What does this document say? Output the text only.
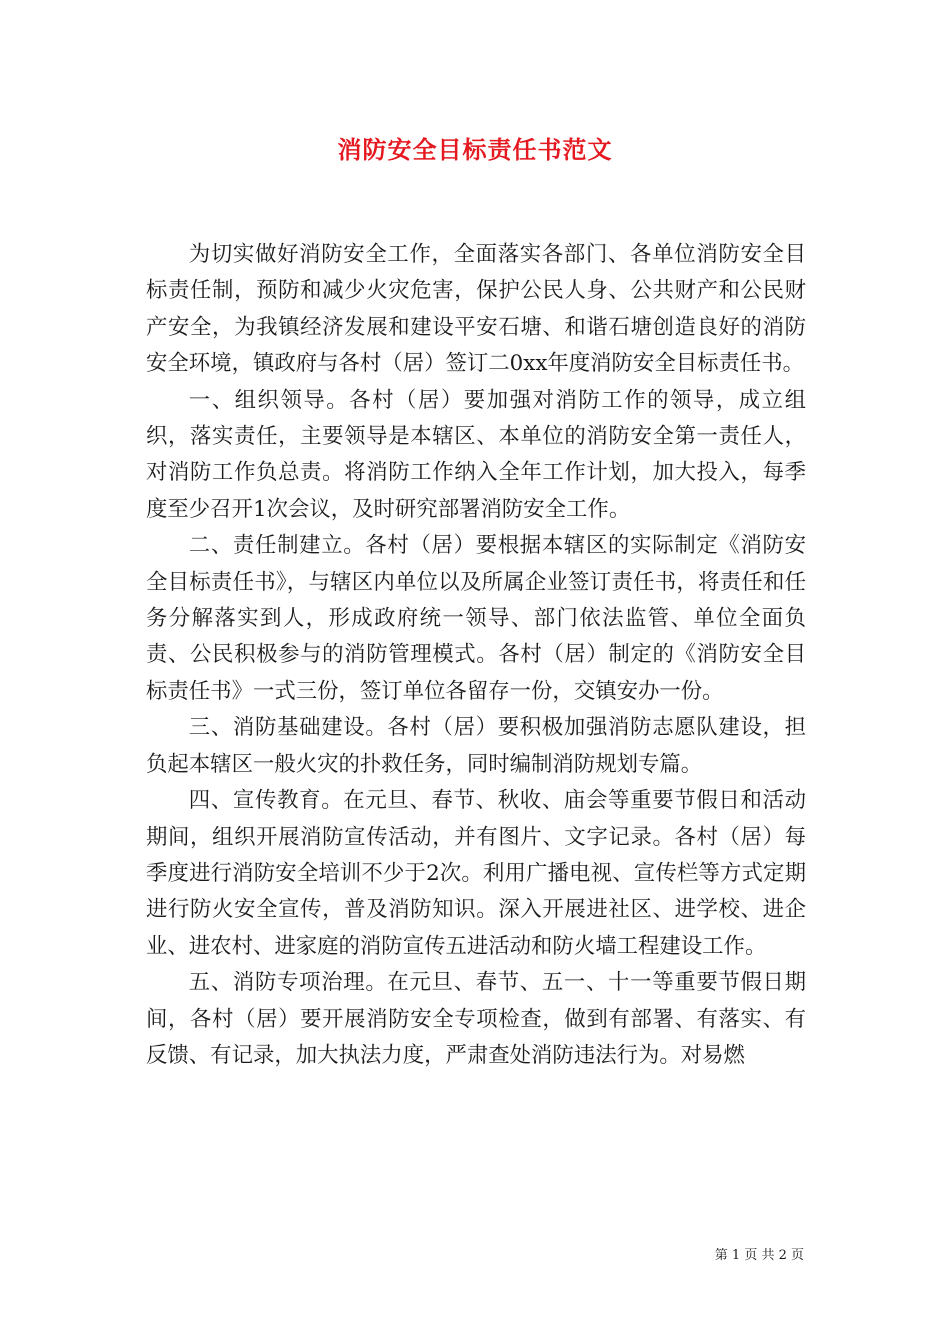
消防安全目标责任书范文

为切实做好消防安全工作，全面落实各部门、各单位消防安全目标责任制，预防和减少火灾危害，保护公民人身、公共财产和公民财产安全，为我镇经济发展和建设平安石塘、和谐石塘创造良好的消防安全环境，镇政府与各村（居）签订二0xx年度消防安全目标责任书。

一、组织领导。各村（居）要加强对消防工作的领导，成立组织，落实责任，主要领导是本辖区、本单位的消防安全第一责任人，对消防工作负总责。将消防工作纳入全年工作计划，加大投入，每季度至少召开1次会议，及时研究部署消防安全工作。

二、责任制建立。各村（居）要根据本辖区的实际制定《消防安全目标责任书》，与辖区内单位以及所属企业签订责任书，将责任和任务分解落实到人，形成政府统一领导、部门依法监管、单位全面负责、公民积极参与的消防管理模式。各村（居）制定的《消防安全目标责任书》一式三份，签订单位各留存一份，交镇安办一份。

三、消防基础建设。各村（居）要积极加强消防志愿队建设，担负起本辖区一般火灾的扑救任务，同时编制消防规划专篇。

四、宣传教育。在元旦、春节、秋收、庙会等重要节假日和活动期间，组织开展消防宣传活动，并有图片、文字记录。各村（居）每季度进行消防安全培训不少于2次。利用广播电视、宣传栏等方式定期进行防火安全宣传，普及消防知识。深入开展进社区、进学校、进企业、进农村、进家庭的消防宣传五进活动和防火墙工程建设工作。

五、消防专项治理。在元旦、春节、五一、十一等重要节假日期间，各村（居）要开展消防安全专项检查，做到有部署、有落实、有反馈、有记录，加大执法力度，严肃查处消防违法行为。对易燃

第 1 页 共 2 页
